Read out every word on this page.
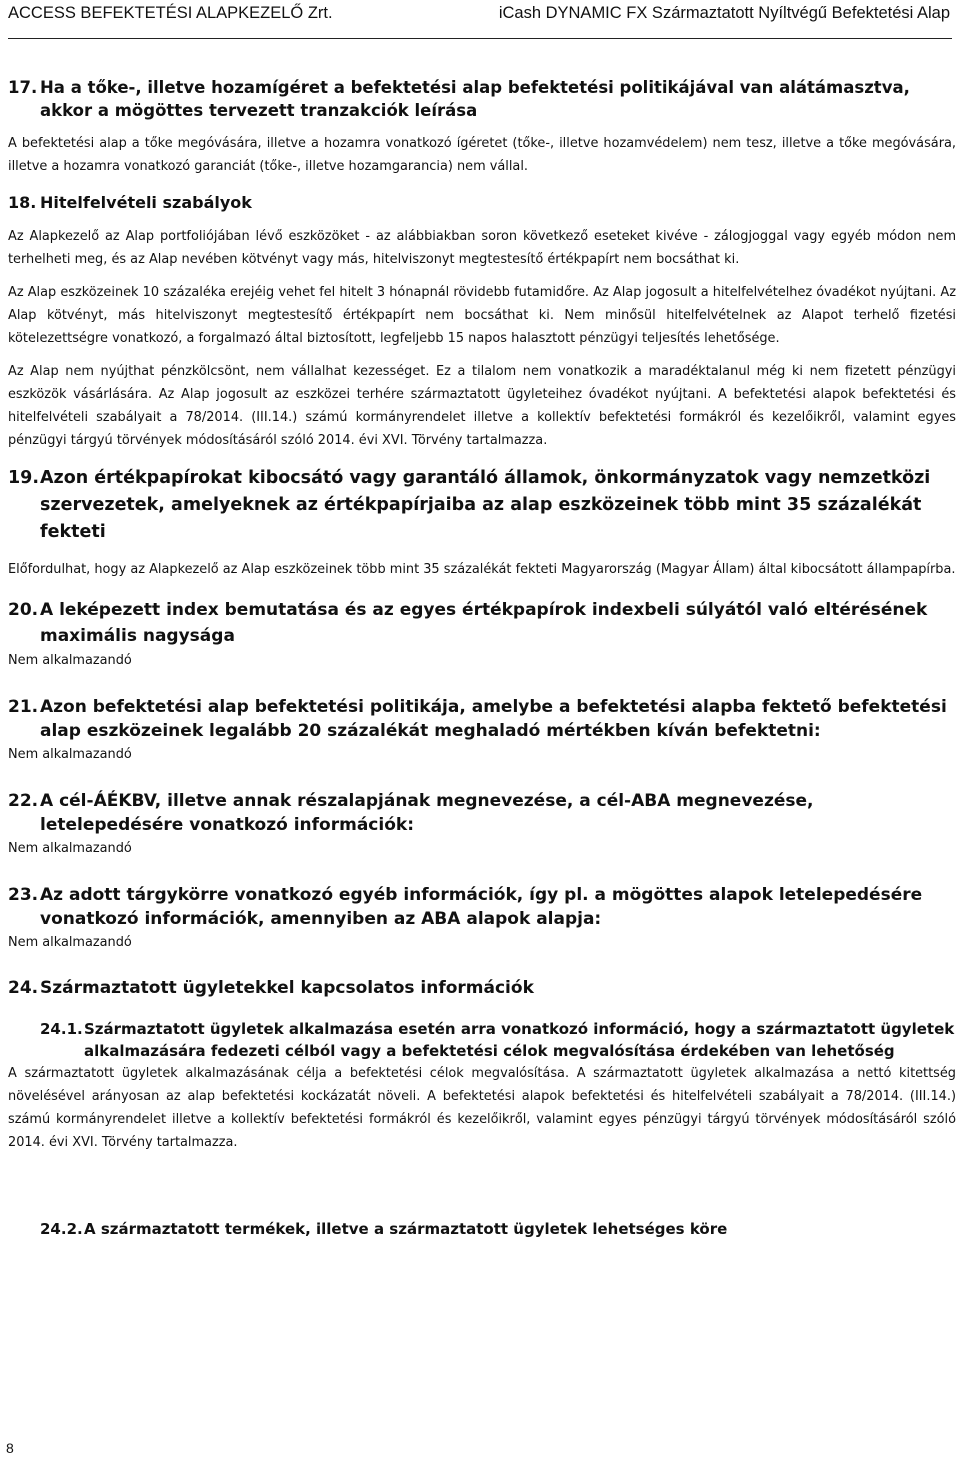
ACCESS BEFEKTETÉSI ALAPKEZELŐ Zrt.	iCash DYNAMIC FX Származtatott Nyíltvégű Befektetési Alap
17. Ha a tőke-, illetve hozamígéret a befektetési alap befektetési politikájával van alátámasztva, akkor a mögöttes tervezett tranzakciók leírása

A befektetési alap a tőke megóvására, illetve a hozamra vonatkozó ígéretet (tőke-, illetve hozamvédelem) nem tesz, illetve a tőke megóvására, illetve a hozamra vonatkozó garanciát (tőke-, illetve hozamgarancia) nem vállal.

18. Hitelfelvételi szabályok

Az Alapkezelő az Alap portfoliójában lévő eszközöket - az alábbiakban soron következő eseteket kivéve - zálogjoggal vagy egyéb módon nem terhelheti meg, és az Alap nevében kötvényt vagy más, hitelviszonyt megtestesítő értékpapírt nem bocsáthat ki.

Az Alap eszközeinek 10 százaléka erejéig vehet fel hitelt 3 hónapnál rövidebb futamidőre. Az Alap jogosult a hitelfelvételhez óvadékot nyújtani. Az Alap kötvényt, más hitelviszonyt megtestesítő értékpapírt nem bocsáthat ki. Nem minősül hitelfelvételnek az Alapot terhelő fizetési kötelezettségre vonatkozó, a forgalmazó által biztosított, legfeljebb 15 napos halasztott pénzügyi teljesítés lehetősége.

Az Alap nem nyújthat pénzkölcsönt, nem vállalhat kezességet. Ez a tilalom nem vonatkozik a maradéktalanul még ki nem fizetett pénzügyi eszközök vásárlására. Az Alap jogosult az eszközei terhére származtatott ügyleteihez óvadékot nyújtani. A befektetési alapok befektetési és hitelfelvételi szabályait a 78/2014. (III.14.) számú kormányrendelet illetve a kollektív befektetési formákról és kezelőikről, valamint egyes pénzügyi tárgyú törvények módosításáról szóló 2014. évi XVI. Törvény tartalmazza.

19. Azon értékpapírokat kibocsátó vagy garantáló államok, önkormányzatok vagy nemzetközi szervezetek, amelyeknek az értékpapírjaiba az alap eszközeinek több mint 35 százalékát fekteti

Előfordulhat, hogy az Alapkezelő az Alap eszközeinek több mint 35 százalékát fekteti Magyarország (Magyar Állam) által kibocsátott állampapírba.

20. A leképezett index bemutatása és az egyes értékpapírok indexbeli súlyától való eltérésének maximális nagysága

Nem alkalmazandó

21. Azon befektetési alap befektetési politikája, amelybe a befektetési alapba fektető befektetési alap eszközeinek legalább 20 százalékát meghaladó mértékben kíván befektetni:

Nem alkalmazandó

22. A cél-ÁÉKBV, illetve annak részalapjának megnevezése, a cél-ABA megnevezése, letelepedésére vonatkozó információk:

Nem alkalmazandó

23. Az adott tárgykörre vonatkozó egyéb információk, így pl. a mögöttes alapok letelepedésére vonatkozó információk, amennyiben az ABA alapok alapja:

Nem alkalmazandó

24. Származtatott ügyletekkel kapcsolatos információk
24.1. Származtatott ügyletek alkalmazása esetén arra vonatkozó információ, hogy a származtatott ügyletek alkalmazására fedezeti célból vagy a befektetési célok megvalósítása érdekében van lehetőség

A származtatott ügyletek alkalmazásának célja a befektetési célok megvalósítása. A származtatott ügyletek alkalmazása a nettó kitettség növelésével arányosan az alap befektetési kockázatát növeli. A befektetési alapok befektetési és hitelfelvételi szabályait a 78/2014. (III.14.) számú kormányrendelet illetve a kollektív befektetési formákról és kezelőikről, valamint egyes pénzügyi tárgyú törvények módosításáról szóló 2014. évi XVI. Törvény tartalmazza.

24.2. A származtatott termékek, illetve a származtatott ügyletek lehetséges köre
8
